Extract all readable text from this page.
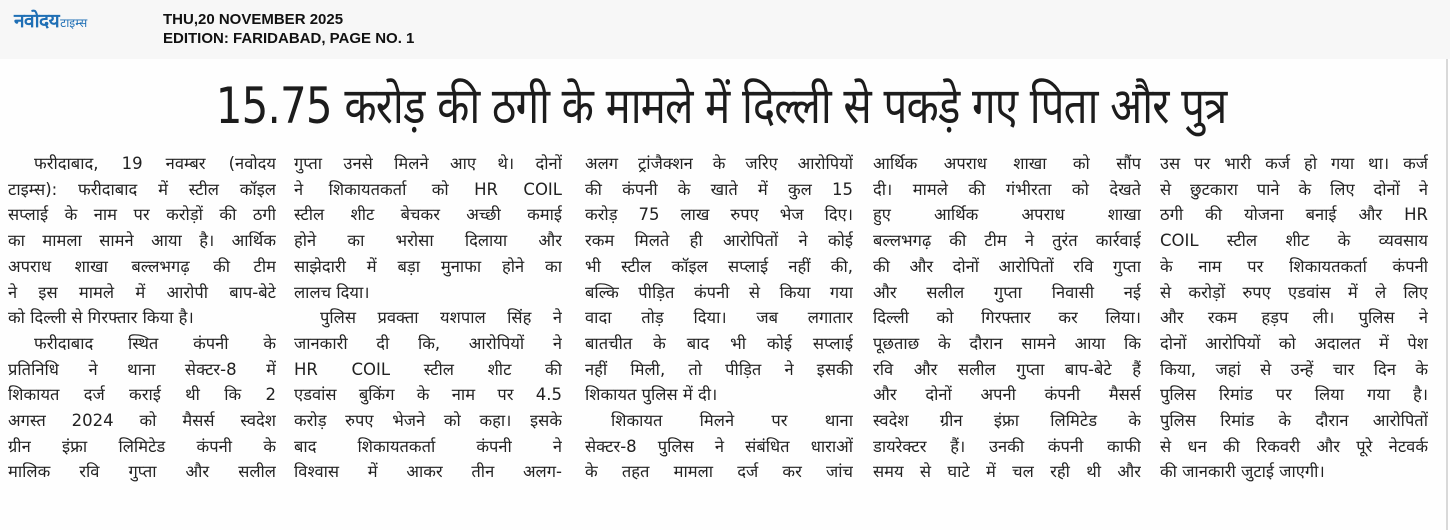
नवोदय टाइम्स	THU,20 NOVEMBER 2025
EDITION: FARIDABAD, PAGE NO. 1
15.75 करोड़ की ठगी के मामले में दिल्ली से पकड़े गए पिता और पुत्र
फरीदाबाद, 19 नवम्बर (नवोदय
टाइम्स): फरीदाबाद में स्टील कॉइल
सप्लाई के नाम पर करोड़ों की ठगी
का मामला सामने आया है। आर्थिक
अपराध शाखा बल्लभगढ़ की टीम
ने इस मामले में आरोपी बाप-बेटे
को दिल्ली से गिरफ्तार किया है।
फरीदाबाद स्थित कंपनी के
प्रतिनिधि ने थाना सेक्टर-8 में
शिकायत दर्ज कराई थी कि 2
अगस्त 2024 को मैसर्स स्वदेश
ग्रीन इंफ्रा लिमिटेड कंपनी के
मालिक रवि गुप्ता और सलील
गुप्ता उनसे मिलने आए थे। दोनों
ने शिकायतकर्ता को HR COIL
स्टील शीट बेचकर अच्छी कमाई
होने का भरोसा दिलाया और
साझेदारी में बड़ा मुनाफा होने का
लालच दिया।
पुलिस प्रवक्ता यशपाल सिंह ने
जानकारी दी कि, आरोपियों ने
HR COIL स्टील शीट की
एडवांस बुकिंग के नाम पर 4.5
करोड़ रुपए भेजने को कहा। इसके
बाद शिकायतकर्ता कंपनी ने
विश्वास में आकर तीन अलग-
अलग ट्रांजैक्शन के जरिए आरोपियों
की कंपनी के खाते में कुल 15
करोड़ 75 लाख रुपए भेज दिए।
रकम मिलते ही आरोपितों ने कोई
भी स्टील कॉइल सप्लाई नहीं की,
बल्कि पीड़ित कंपनी से किया गया
वादा तोड़ दिया। जब लगातार
बातचीत के बाद भी कोई सप्लाई
नहीं मिली, तो पीड़ित ने इसकी
शिकायत पुलिस में दी।
शिकायत मिलने पर थाना
सेक्टर-8 पुलिस ने संबंधित धाराओं
के तहत मामला दर्ज कर जांच
आर्थिक अपराध शाखा को सौंप
दी। मामले की गंभीरता को देखते
हुए आर्थिक अपराध शाखा
बल्लभगढ़ की टीम ने तुरंत कार्रवाई
की और दोनों आरोपितों रवि गुप्ता
और सलील गुप्ता निवासी नई
दिल्ली को गिरफ्तार कर लिया।
पूछताछ के दौरान सामने आया कि
रवि और सलील गुप्ता बाप-बेटे हैं
और दोनों अपनी कंपनी मैसर्स
स्वदेश ग्रीन इंफ्रा लिमिटेड के
डायरेक्टर हैं। उनकी कंपनी काफी
समय से घाटे में चल रही थी और
उस पर भारी कर्ज हो गया था। कर्ज
से छुटकारा पाने के लिए दोनों ने
ठगी की योजना बनाई और HR
COIL स्टील शीट के व्यवसाय
के नाम पर शिकायतकर्ता कंपनी
से करोड़ों रुपए एडवांस में ले लिए
और रकम हड़प ली। पुलिस ने
दोनों आरोपियों को अदालत में पेश
किया, जहां से उन्हें चार दिन के
पुलिस रिमांड पर लिया गया है।
पुलिस रिमांड के दौरान आरोपितों
से धन की रिकवरी और पूरे नेटवर्क
की जानकारी जुटाई जाएगी।
